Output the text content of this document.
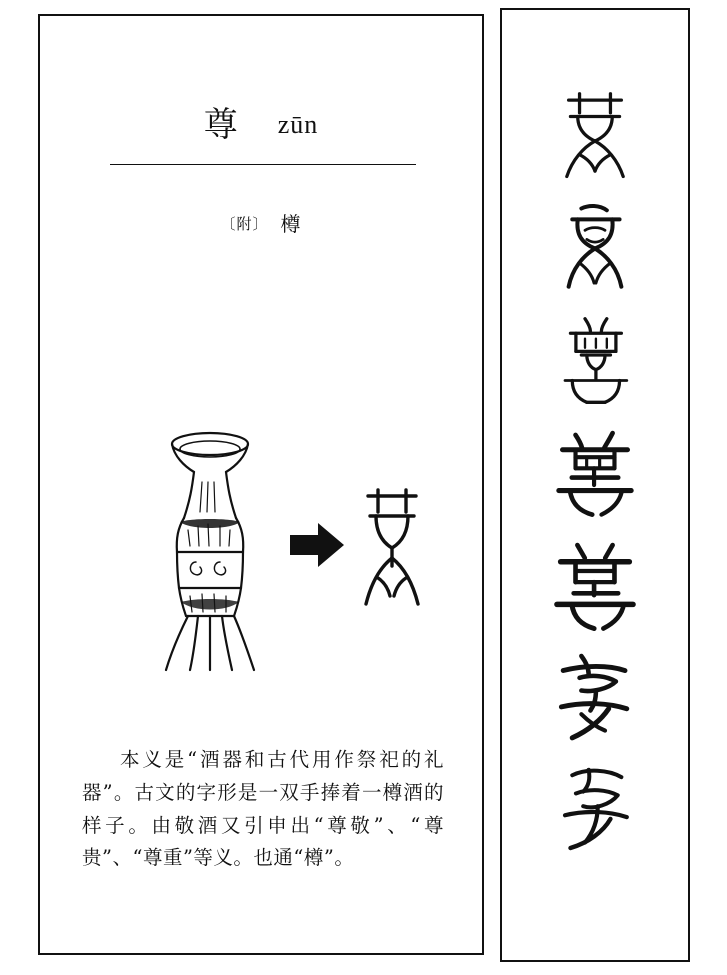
尊 zūn
〔附〕 樽
本义是“酒器和古代用作祭祀的礼器”。古文的字形是一双手捧着一樽酒的样子。由敬酒又引申出“尊敬”、“尊贵”、“尊重”等义。也通“樽”。
